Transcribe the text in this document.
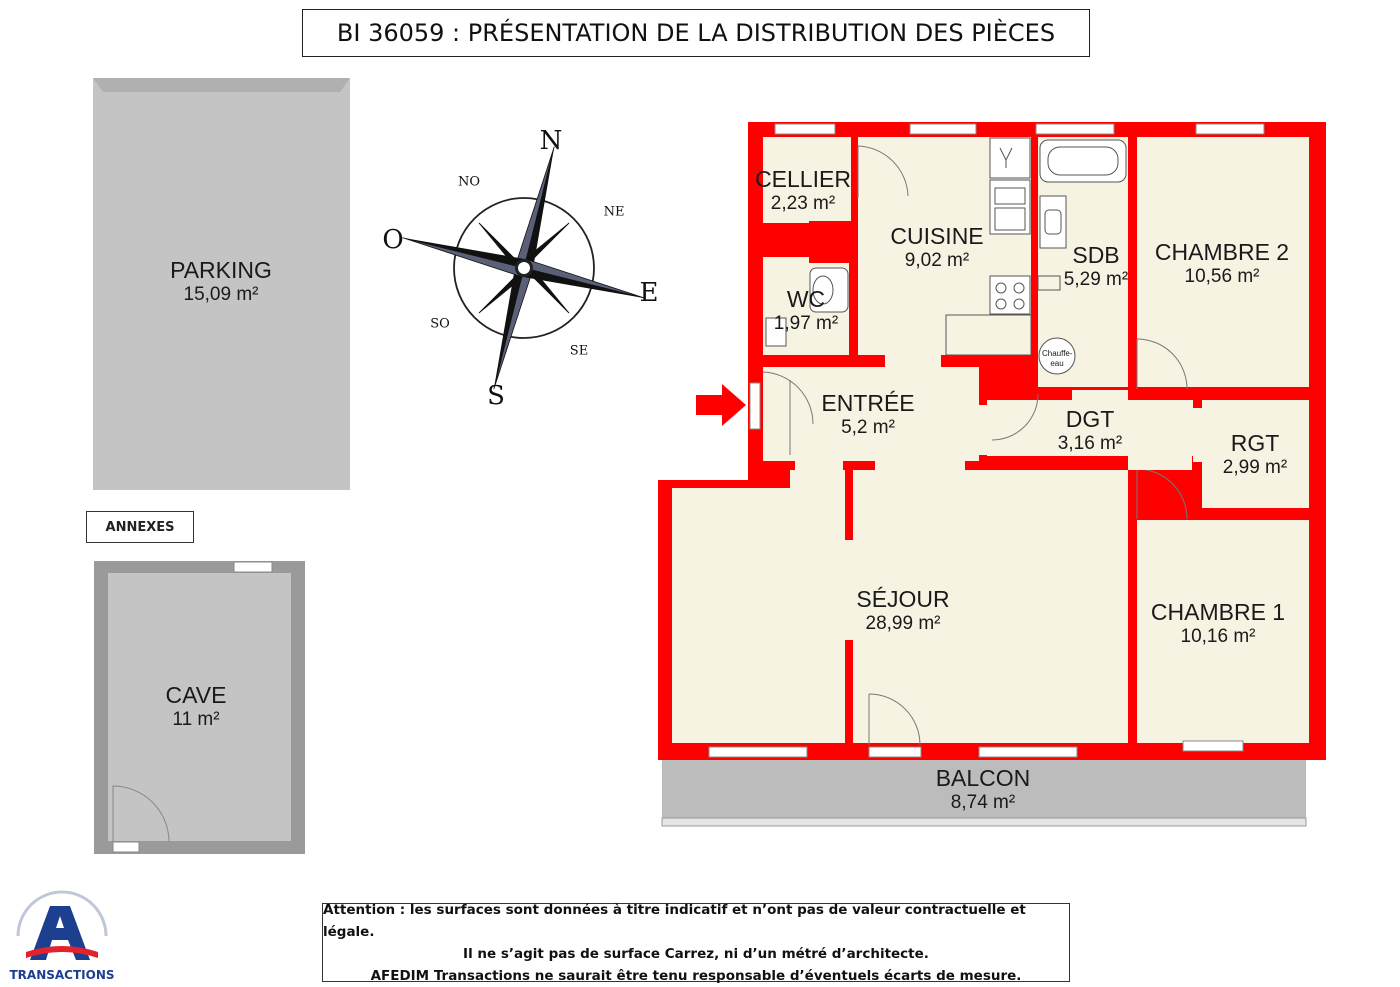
BI 36059 : PRÉSENTATION DE LA DISTRIBUTION DES PIÈCES
N
S
E
O
NO
NE
SO
SE
PARKING
15,09 m²
CAVE
11 m²
CELLIER
2,23 m²
CUISINE
9,02 m²	SDB
5,29 m²
CHAMBRE 2
10,56 m²
WC
1,97 m²
ENTRÉE
5,2 m²	DGT
3,16 m²	RGT
2,99 m²
SÉJOUR
28,99 m²	CHAMBRE 1
10,16 m²
BALCON
8,74 m²
Chauffe-eau
ANNEXES
Attention : les surfaces sont données à titre indicatif et n’ont pas de valeur contractuelle et légale.
Il ne s’agit pas de surface Carrez, ni d’un métré d’architecte.
AFEDIM Transactions ne saurait être tenu responsable d’éventuels écarts de mesure.
TRANSACTIONS
